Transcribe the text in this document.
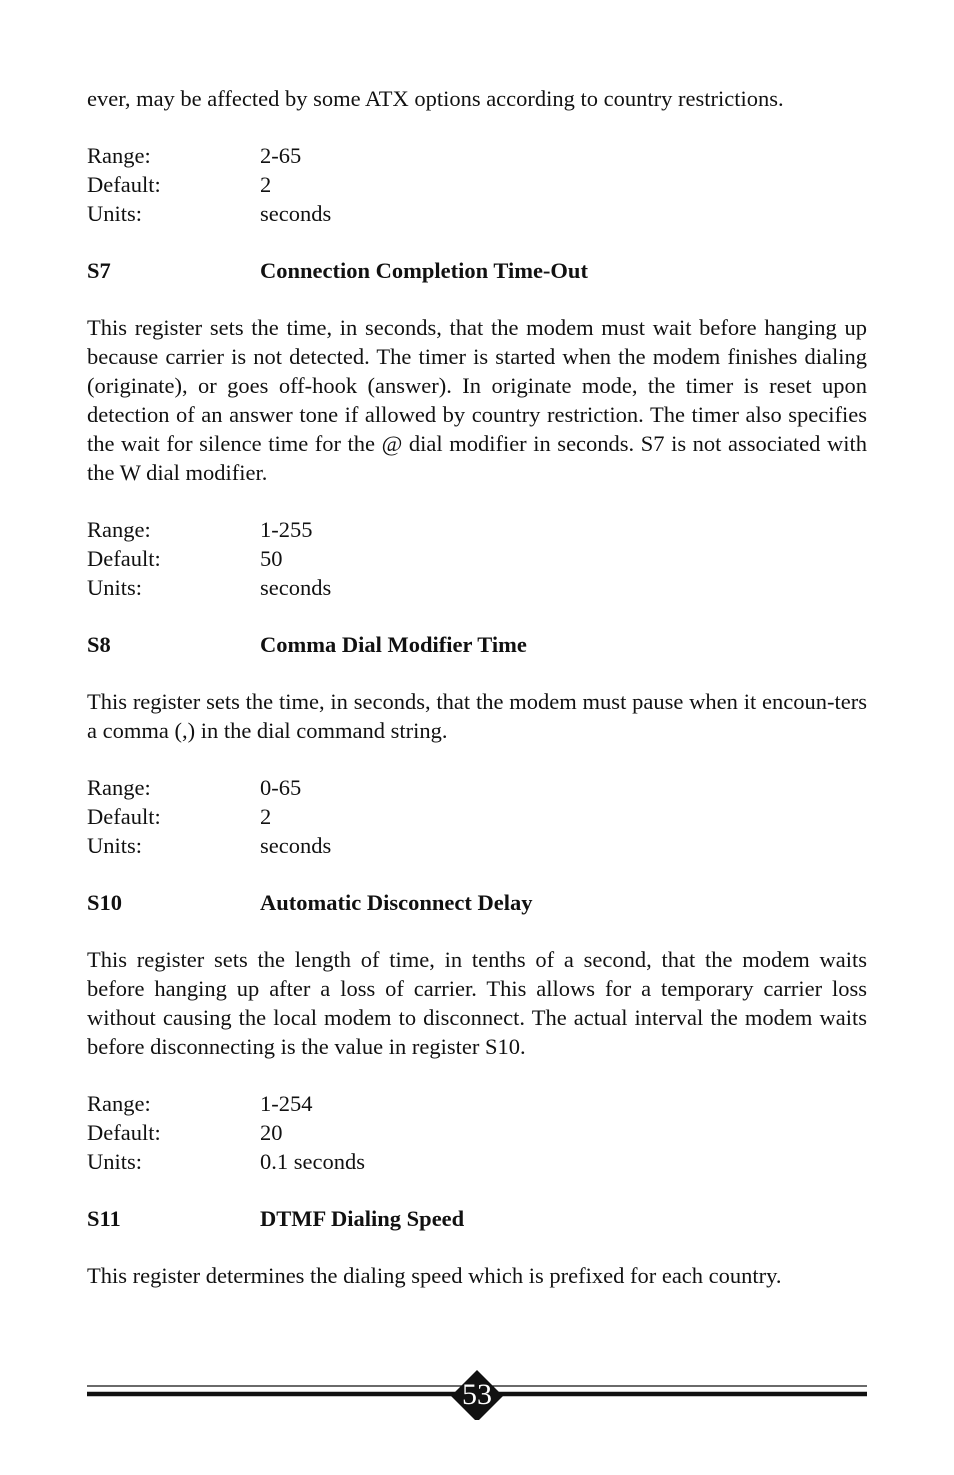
ever, may be affected by some ATX options according to country restrictions.

Range:	2-65
Default:	2
Units:	seconds
S7	Connection Completion Time-Out

This register sets the time, in seconds, that the modem must wait before hanging up because carrier is not detected. The timer is started when the modem finishes dialing (originate), or goes off-hook (answer). In originate mode, the timer is reset upon detection of an answer tone if allowed by country restriction. The timer also specifies the wait for silence time for the @ dial modifier in seconds. S7 is not associated with the W dial modifier.

Range:	1-255
Default:	50
Units:	seconds
S8	Comma Dial Modifier Time

This register sets the time, in seconds, that the modem must pause when it encoun-ters a comma (,) in the dial command string.

Range:	0-65
Default:	2
Units:	seconds
S10	Automatic Disconnect Delay

This register sets the length of time, in tenths of a second, that the modem waits before hanging up after a loss of carrier. This allows for a temporary carrier loss without causing the local modem to disconnect. The actual interval the modem waits before disconnecting is the value in register S10.

Range:	1-254
Default:	20
Units:	0.1 seconds
S11	DTMF Dialing Speed

This register determines the dialing speed which is prefixed for each country.

53
